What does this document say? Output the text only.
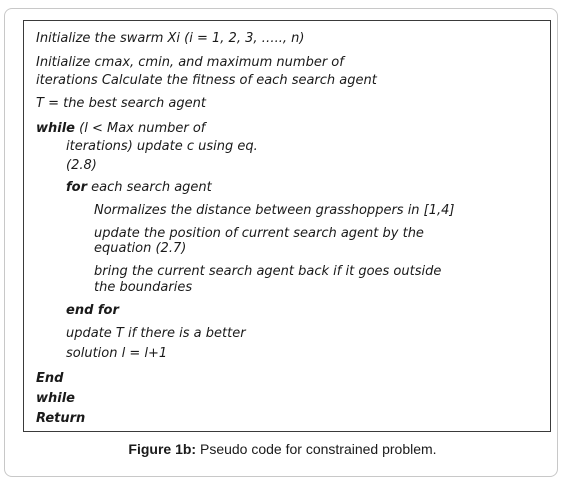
Initialize the swarm Xi (i = 1, 2, 3, ….., n)
Initialize cmax, cmin, and maximum number of
iterations Calculate the fitness of each search agent
T = the best search agent
while (l < Max number of
iterations) update c using eq.
(2.8)
for each search agent
Normalizes the distance between grasshoppers in [1,4]
update the position of current search agent by the
equation (2.7)
bring the current search agent back if it goes outside
the boundaries
end for
update T if there is a better
solution l = l+1
End
while
Return
Figure 1b: Pseudo code for constrained problem.
